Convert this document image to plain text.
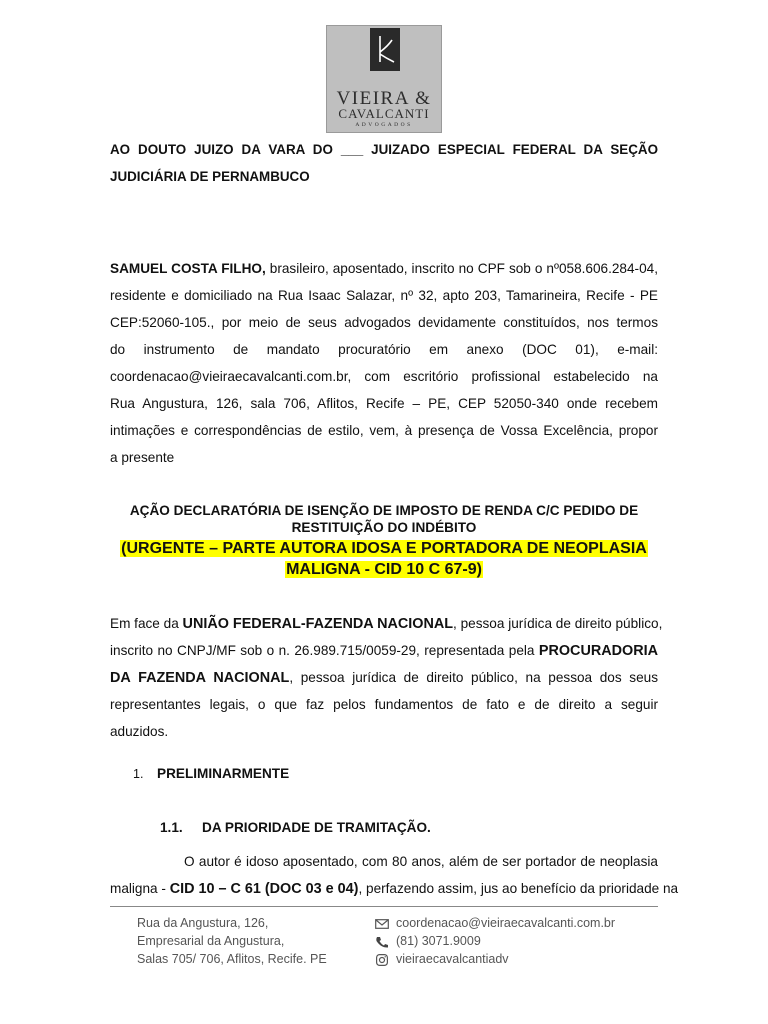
VIEIRA &
CAVALCANTI
ADVOGADOS
AO DOUTO JUIZO DA VARA DO ___ JUIZADO ESPECIAL FEDERAL DA SEÇÃO
JUDICIÁRIA DE PERNAMBUCO
SAMUEL COSTA FILHO, brasileiro, aposentado, inscrito no CPF sob o nº058.606.284-04,
residente e domiciliado na Rua Isaac Salazar, nº 32, apto 203, Tamarineira, Recife - PE
CEP:52060-105., por meio de seus advogados devidamente constituídos, nos termos
do instrumento de mandato procuratório em anexo (DOC 01), e-mail:
coordenacao@vieiraecavalcanti.com.br, com escritório profissional estabelecido na
Rua Angustura, 126, sala 706, Aflitos, Recife – PE, CEP 52050-340 onde recebem
intimações e correspondências de estilo, vem, à presença de Vossa Excelência, propor
a presente
AÇÃO DECLARATÓRIA DE ISENÇÃO DE IMPOSTO DE RENDA C/C PEDIDO DE
RESTITUIÇÃO DO INDÉBITO
(URGENTE – PARTE AUTORA IDOSA E PORTADORA DE NEOPLASIA
MALIGNA - CID 10 C 67-9)
Em face da UNIÃO FEDERAL-FAZENDA NACIONAL, pessoa jurídica de direito público,
inscrito no CNPJ/MF sob o n. 26.989.715/0059-29, representada pela PROCURADORIA
DA FAZENDA NACIONAL, pessoa jurídica de direito público, na pessoa dos seus
representantes legais, o que faz pelos fundamentos de fato e de direito a seguir
aduzidos.
1. PRELIMINARMENTE
1.1. DA PRIORIDADE DE TRAMITAÇÃO.
O autor é idoso aposentado, com 80 anos, além de ser portador de neoplasia
maligna - CID 10 – C 61 (DOC 03 e 04), perfazendo assim, jus ao benefício da prioridade na
Rua da Angustura, 126,
Empresarial da Angustura,
Salas 705/ 706, Aflitos, Recife. PE
coordenacao@vieiraecavalcanti.com.br
(81) 3071.9009
vieiraecavalcantiadv
